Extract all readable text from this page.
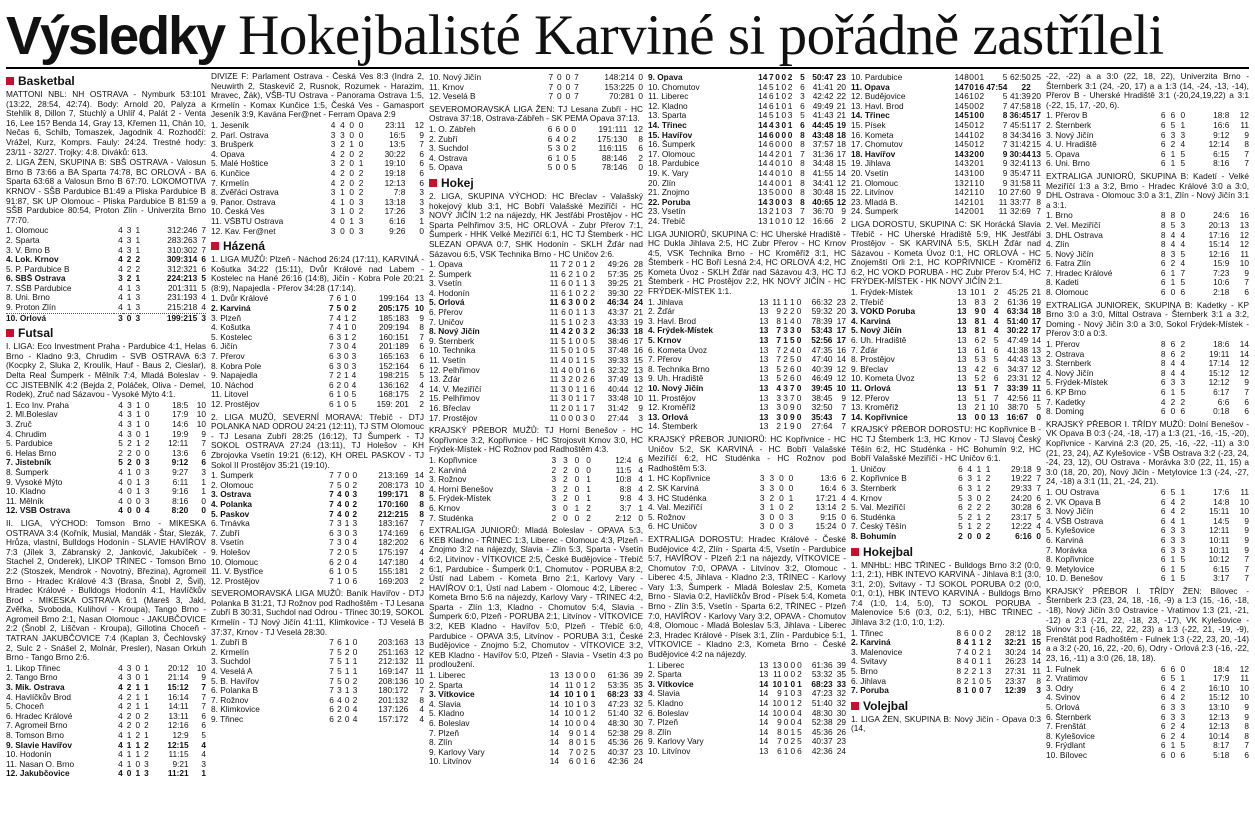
Výsledky Hokejbalisté Karviné si pořádně zastříleli
Basketbal
MATTONI NBL: NH OSTRAVA - Nymburk 53:101 (13:22, 28:54, 42:74). Body: Arnold 20, Palyza a Stehlík 8, Dillon 7, Stuchlý a Uhlíř 4, Palát 2 - Venta 16, Lee 15? Benda 14, Gray 13, Křemen 11, Chán 10, Nečas 6, Schilb, Tomaszek, Jagodnik 4. Rozhodčí: Vrážel, Kurz, Komprs. Fauly: 24:24. Trestné hody: 23/11 - 32/27. Trojky: 4:8. Diváků: 613.
2. LIGA ŽEN, SKUPINA B: SBŠ OSTRAVA - Valosun Brno B 73:66 a BA Sparta 74:78, BC ORLOVÁ - BA Sparta 63:68 a Valosun Brno B 67:70. LOKOMOTIVA KRNOV - SŠB Pardubice B1:49 a Pliska Pardubice B 91:87, SK UP Olomouc - Pliska Pardubice B 81:59 a SŠB Pardubice 80:54, Proton Zlín - Univerzita Brno 77:70.
1. Olomouc	4	3	1	312:246	7
2. Sparta	4	3	1	283:263	7
3. V. Brno B	4	3	1	310:302	7
4. Lok. Krnov	4	2	2	309:314	6
5. P. Pardubice B	4	2	2	312:321	6
6. SBŠ Ostrava	3	2	1	224:213	5
7. SŠB Pardubice	4	1	3	201:311	5
8. Uni. Brno	4	1	3	231:193	4
9. Proton Zlín	4	1	3	215:218	4
10. Orlová	3	0	3	199:215	3
Futsal
I. LIGA: Eco Investment Praha - Pardubice 4:1, Helas Brno - Kladno 9:3, Chrudim - SVB OSTRAVA 6:3 (Kocpky 2, Sluka 2, Kroulík, Hauf - Baus 2, Cieslar), Delta Real Šumperk - Mělník 7:4, Mladá Boleslav - CC JISTEBNÍK 4:2 (Bejda 2, Poláček, Oliva - Demel, Rodek), Zruč nad Sázavou - Vysoké Mýto 4:1.
1. Eco Inv. Praha	4	3	1	0	18:5	10
2. Ml.Boleslav	4	3	1	0	17:9	10
3. Zruč	4	3	1	0	14:6	10
4. Chrudim	4	3	0	1	19:9	9
5. Pardubice	5	2	1	2	12:11	7
6. Helas Brno	2	2	0	0	13:6	6
7. Jistebník	5	2	0	3	9:12	6
8. Šumperk	4	1	0	3	9:27	3
9. Vysoké Mýto	4	0	1	3	6:11	1
10. Kladno	4	0	1	3	9:16	1
11. Mělník	4	0	0	3	8:16	0
12. VSB Ostrava	4	0	0	4	8:20	0
II. LIGA, VÝCHOD: Tomson Brno - MIKESKA OSTRAVA 3:4 (Kořník, Musial, Mandák - Štar, Slezák, Hrůza, vlastní, Bulldogs Hodonín - SLAVIE HAVÍŘOV 7:3 (Jílek 3, Zábranský 2, Janković, Jakubíček - Stachel 2, Onderek), LIKOP TŘINEC - Tomson Brno 2:2 (Stoszek, Mendrok - Novotný, Březina), Agromeil Brno - Hradec Králové 4:3 (Brasa, Šnobl 2, Švil), Hradec Králové - Bulldogs Hodonín 4:1, Havlíčkův Brod - MIKESKA OSTRAVA 6:1 (Mareš 3, Jakl, Zvěřka, Svoboda, Kulihoví - Kroupa), Tango Brno - Agromeil Brno 2:1, Nasan Olomouc - JAKUBČOVICE 2:2 (Šnobl 2, Liščvan - Kroupa), Gillotina Choceň - TATRAN JAKUBČOVICE 7:4 (Kaplan 3, Čechlovský 2, Sulc 2 - Snášel 2, Molnár, Presler), Nasan Orkuh Brno - Tango Brno 2:6.
1. Likop Třinec	4	3	0	1	20:12	10
2. Tango Brno	4	3	0	1	21:14	9
3. Mik. Ostrava	4	2	1	1	15:12	7
4. Havlíčkův Brod	4	2	1	1	16:14	7
5. Choceň	4	2	1	1	14:11	7
6. Hradec Králové	4	2	0	2	13:11	6
7. Agromeil Brno	4	2	0	2	12:16	6
8. Tomson Brno	4	1	2	1	12:9	5
9. Slavie Havířov	4	1	1	2	12:15	4
10. Hodonín	4	1	1	2	11:15	4
11. Nasan O. Brno	4	1	0	3	9:21	3
12. Jakubčovice	4	0	1	3	11:21	1
DIVIZE F: Parlament Ostrava - Česká Ves 8:3 (Indra 2, Neuwirth 2, Staskevič 2, Rusnok, Rozumek - Harazim, Mravec, Žák), VŠB-TU Ostrava - Panorama Ostrava 1:5, Krmelín - Komax Kunčice 1:5, Česká Ves - Gamasport Jeseník 3:9, Kavána Fer@net - Ferram Opava 2:9
1. Jeseník	4	4	0	0	23:11	12
2. Parl. Ostrava	3	3	0	0	16:5	9
3. Brušperk	3	2	1	0	13:5	7
4. Opava	4	2	0	2	30:22	6
5. Malé Hoštice	3	2	0	1	19:10	6
6. Kunčice	4	2	0	2	19:18	6
7. Krmelín	4	2	0	2	12:13	6
8. Zvěřáci Ostrava	3	1	0	2	7:8	3
9. Panor. Ostrava	4	1	0	3	13:18	3
10. Česká Ves	3	1	0	2	17:26	3
11. VŠBTU Ostrava	4	0	1	3	6:16	1
12. Kav. Fer@net	3	0	0	3	9:26	0
Házená
1. LIGA MUŽŮ: Plzeň - Náchod 26:24 (17:11), KARVINÁ - Košutka 34:22 (15:11), Dvůr Králové nad Labem - Kostelec na Hané 26:16 (14:8), Jičín - Kobra Pole 20:21 (8:9), Napajedla - Přerov 34:28 (17:14).
1. Dvůr Králové	7	6	1	0	199:164	13
2. Karviná	7	5	0	2	205:175	10
3. Plzeň	7	4	1	2	185:183	9
4. Košutka	7	4	1	0	209:194	8
5. Kostelec	6	3	1	2	160:151	7
6. Jičín	7	3	0	4	201:189	6
7. Přerov	6	3	0	3	165:163	6
8. Kobra Pole	6	3	0	3	152:164	6
9. Napajedla	7	2	1	4	198:215	5
10. Náchod	6	2	0	4	136:162	4
11. Litovel	6	1	0	5	168:175	2
12. Prostějov	6	1	0	5	159: 201	2
2. LIGA MUŽŮ, SEVERNÍ MORAVA: Třebíč - DTJ POLANKA NAD ODROU 24:21 (12:11), TJ STM Olomouc - TJ Lesana Zubří 28:25 (16:12), TJ Šumperk - TJ SOKOL OSTRAVA 27:24 (13:11), TJ Holešov - KH Zbrojovka Vsetín 19:21 (6:12), KH OREL PASKOV - TJ Sokol II Prostějov 35:21 (19:10).
1. Šumperk	7	7	0	0	213:169	14
2. Olomouc	7	5	0	2	208:173	10
3. Ostrava	7	4	0	3	199:171	8
4. Polanka	7	4	0	2	170:160	8
5. Paskov	7	4	0	2	212:215	8
6. Trnávka	7	3	1	3	183:167	7
7. Zubří	6	3	0	3	174:169	6
8. Vsetín	7	3	0	4	182:202	6
9. Holešov	7	2	0	5	175:197	4
10. Olomouc	6	2	0	4	147:180	4
11. V. Bystřice	6	1	0	5	155:181	2
12. Prostějov	7	1	0	6	169:203	2
SEVEROMORAVSKÁ LIGA MUŽŮ: Baník Havířov - DTJ Polanka B 31:21, TJ Rožnov pod Radhoštěm - TJ Lesana Zubří B 30:31, Suchdol nad Odrou - Třinec 30:19, SOKOL Krmelín - TJ Nový Jičín 41:11, Klimkovice - TJ Veselá B 37:37, Krnov - TJ Veselá 28:30.
1. Zubří B	7	6	1	0	203:163	13
2. Krmelín	7	5	2	0	251:163	12
3. Suchdol	7	5	1	1	212:132	11
4. Veselá A	7	5	1	1	169:147	11
5. B. Havířov	7	5	0	2	208:136	10
6. Polanka B	7	3	1	3	180:172	7
7. Rožnov	6	4	0	2	201:132	8
8. Klimkovice	6	2	0	4	137:126	4
9. Třinec	6	2	0	4	157:172	4
10. Nový Jičín	7	0	0	7	148:214	0
11. Krnov	7	0	0	7	153:225	0
12. Veselá B	7	0	0	7	70:281	0
SEVEROMORAVSKÁ LIGA ŽEN: TJ Lesana Zubří - HC Ostrava 37:18, Ostrava-Zábřeh - SK PEMA Opava 37:13.
1. O. Zábřeh	6	6	0	0	191:111	12
2. Zubří	6	4	0	2	175:130	8
3. Suchdol	5	3	0	2	116:115	6
4. Ostrava	6	1	0	5	88:146	2
5. Opava	5	0	0	5	78:146	0
Hokej
2. LIGA, SKUPINA VÝCHOD: HC Břeclav - Valašský hokejový klub 3:1, HC Bobří Valašské Meziříčí - HC NOVÝ JIČÍN 1:2 na nájezdy, HK Jestřábi Prostějov - HC Sparta Pelhřimov 3:5, HC ORLOVÁ - Zubr Přerov 7:1, Šumperk - HHK Velké Meziříčí 6:1, HC TJ Štemberk - HC SLEZAN OPAVA 0:7, SHK Hodonín - SKLH Žďár nad Sázavou 6:5, VSK Technika Brno - HC Uničov 2:6.
1. Opava	11	7	2	0	1	2	49:26	28
2. Šumperk	11	6	2	1	0	2	57:35	25
3. Vsetín	11	6	0	1	1	3	39:25	21
4. Hodonín	11	6	1	0	2	2	39:30	22
5. Orlová	11	6	3	0	0	2	46:34	24
6. Přerov	11	6	0	1	1	3	43:37	21
7. Uničov	11	5	1	0	2	3	43:33	19
8. Nový Jičín	11	4	2	0	3	2	36:33	18
9. Šternberk	11	5	1	0	0	5	38:46	17
10. Technika	11	5	0	1	0	5	37:48	16
11. Vsetín	11	4	0	1	1	5	39:33	15
12. Pelhřimov	11	4	0	0	1	6	32:32	13
13. Žďár	11	3	2	0	2	6	37:49	13
14. V. Meziříčí	11	3	0	1	1	6	40:44	12
15. Pelhřimov	11	3	0	1	1	7	33:48	10
16. Břeclav	11	2	0	1	1	7	31:42	9
17. Prostějov	11	0	0	0	3	0	27:44	3
KRAJSKÝ PŘEBOR MUŽŮ: TJ Horní Benešov - HC Kopřivnice 3:2, Kopřivnice - HC Strojosvit Krnov 3:0, HC Frýdek-Místek - HC Rožnov pod Radhoštěm 4:3.
1. Kopřivnice	3	3	0	0	12:4	6
2. Karviná	2	2	0	0	11:5	4
3. Rožnov	3	2	0	1	10:8	4
4. Horní Benešov	3	2	0	1	8:8	4
5. Frýdek-Místek	3	2	0	1	9:8	4
6. Krnov	3	0	1	2	3:7	1
7. Studénka	2	0	0	2	2:12	0
EXTRALIGA JUNIORŮ: Mladá Boleslav - OPAVA 5:3, KEB Kladno - TŘINEC 1:3, Liberec - Olomouc 4:3, Plzeň - Znojmo 3:2 na nájezdy, Slavia - Zlín 5:3, Sparta - Vsetín 6:2, Litvínov - VÍTKOVICE 2:5, České Budějovice - Třebíč 6:1, Pardubice - Šumperk 0:1, Chomutov - PORUBA 8:2, Ústí nad Labem - Kometa Brno 2:1, Karlovy Vary - HAVÍŘOV 0:1, Ústí nad Labem - Olomouc 4:2, Liberec - Kometa Brno 5:6 na nájezdy, Karlovy Vary - TŘINEC 4:2, Sparta - Zlín 1:3, Kladno - Chomutov 5:4, Slavia - Šumperk 6:0, Plzeň - PORUBA 2:1, Litvínov - VÍTKOVICE 3:2, KEB Kladno - Havířov 5:0, Plzeň - Třebíč 6:0, Pardubice - OPAVA 3:5, Litvínov - PORUBA 3:1, České Budějovice - Znojmo 5:2, Chomutov - VÍTKOVICE 3:2, KEB Kladno - Havířov 5:0, Plzeň - Slavia - Vsetín 4:3 po prodloužení.
1. Liberec	13	13	0	0	0	61:36	39
2. Sparta	14	11	0	1	2	53:35	35
3. Vítkovice	14	10	1	0	1	68:23	33
4. Slavia	14	10	1	0	3	47:23	32
5. Kladno	14	10	0	1	2	51:40	32
6. Boleslav	14	10	0	0	4	48:30	30
7. Plzeň	14	9	0	1	4	52:38	29
8. Zlín	14	8	0	1	5	45:36	26
9. Karlovy Vary	14	7	0	2	5	40:37	23
10. Litvínov	14	6	0	1	6	42:36	24
9. Opava	14	7	0	0	2	5	50:47	23
10. Chomutov	14	5	1	0	2	6	41:41	20
11. Liberec	14	6	1	0	2	3	42:42	22
12. Kladno	14	6	1	0	1	6	49:49	21
13. Sparta	14	5	1	0	3	5	41:43	21
14. Třinec	14	4	3	0	1	6	44:45	19
15. Havířov	14	6	0	0	0	8	43:48	18
16. Šumperk	14	6	0	0	0	8	37:57	18
17. Olomouc	14	4	2	0	1	7	31:36	17
18. Pardubice	14	4	0	1	0	8	34:48	15
19. K. Vary	14	4	0	1	0	8	41:55	14
20. Zlín	14	4	0	0	1	8	34:41	12
21. Znojmo	13	5	0	0	0	8	30:48	15
22. Poruba	14	3	0	0	3	8	40:65	12
23. Vsetín	13	2	1	0	3	7	36:70	9
24. Třebíč	13	1	0	1	0	12	16:66	2
LIGA JUNIORŮ, SKUPINA C: HC Uherské Hradiště - HC Dukla Jihlava 2:5, HC Zubr Přerov - HC Krnov 4:5, VSK Technika Brno - HC Kroměříž 3:1, HC Štemberk - HC Boří Lesná 2:4, HC ORLOVÁ 4:2, HC Kometa Úvoz - SKLH Žďár nad Sázavou 4:3, HC TJ Štemberk - HC Prostějov 2:2, HK NOVÝ JIČÍN - HC FRÝDEK-MÍSTEK 1:1.
1. Jihlava	13	11	1	1	0	66:32	23
2. Žďár	13	9	2	2	0	59:32	20
3. Havl. Brod	13	8	1	4	0	78:39	17
4. Frýdek-Místek	13	7	3	3	0	53:43	17
5. Krnov	13	7	1	5	0	52:56	17
6. Kometa Úvoz	13	7	2	4	0	47:35	16
7. Přerov	13	7	2	5	0	47:40	14
8. Technika Brno	13	5	2	6	0	40:39	12
9. Uh. Hradiště	13	5	2	6	0	46:49	12
10. Nový Jičín	13	4	3	7	0	39:45	10
11. Prostějov	13	3	3	7	0	38:45	9
12. Kroměříž	13	3	0	9	0	32:50	7
13. Orlová	13	3	0	9	0	35:43	7
14. Štemberk	13	2	1	9	0	27:64	7
KRAJSKÝ PŘEBOR JUNIORŮ: HC Kopřivnice - HC Uničov 5:2, SK KARVINÁ - HC Bobří Valašské Meziříčí 6:2, HC Studénka - HC Rožnov pod Radhoštěm 5:3.
1. HC Kopřivnice	3	3	0	0	13:6	6
2. SK Karviná	3	3	0	0	16:4	6
3. HC Studénka	3	2	0	1	17:21	4
4. Val. Meziříčí	3	1	0	2	13:14	2
5. Rožnov	3	0	0	3	9:15	0
6. HC Uničov	3	0	0	3	15:24	0
EXTRALIGA DOROSTU: Hradec Králové - České Budějovice 4:2, Zlín - Sparta 4:5, Vsetín - Pardubice 5:7, HAVÍŘOV - Plzeň 2:1 na nájezdy, VÍTKOVICE - Chomutov 7:0, OPAVA - Litvínov 3:2, Olomouc - Liberec 4:5, Jihlava - Kladno 2:3, TŘINEC - Karlovy Vary 1:3, Šumperk - Mladá Boleslav 2:5, Kometa Brno - Slavia 0:2, Havlíčkův Brod - Písek 5:4, Kometa Brno - Zlín 3:5, Vsetín - Sparta 6:2, TŘINEC - Plzeň 7:0, HAVÍŘOV - Karlovy Vary 3:2, OPAVA - Chomutov 4:8, Olomouc - Mladá Boleslav 5:3, Jihlava - Liberec 2:3, Hradec Králové - Písek 3:1, Zlín - Pardubice 5:1, VÍTKOVICE - Kladno 2:3, Kometa Brno - České Budějovice 4:2 na nájezdy.
1. Liberec	13	13	0	0	0	61:36	39
2. Sparta	13	11	0	0	2	53:32	35
3. Vítkovice	14	10	1	0	1	68:23	33
4. Slavia	14	9	1	0	3	47:23	32
5. Kladno	14	10	0	1	2	51:40	32
6. Boleslav	14	10	0	0	4	48:30	30
7. Plzeň	14	9	0	0	4	52:38	29
8. Zlín	14	8	0	1	5	45:36	26
9. Karlovy Vary	14	7	0	2	5	40:37	23
10. Litvínov	13	6	1	0	6	42:36	24
10. Pardubice	14	8	0	0	1	5	62:50	25
11. Opava	14	7	0	1	6	47:54	22	
12. Budějovice	14	6	1	0	2	5	41:39	20
13. Havl. Brod	14	5	0	0	2	7	47:58	18
14. Třinec	14	5	1	0	0	8	36:45	17
15. Písek	14	5	0	1	2	7	45:51	17
16. Kometa	14	4	1	0	2	8	34:34	16
17. Chomutov	14	5	0	1	2	7	31:42	15
18. Havířov	14	3	2	0	0	9	30:44	13
19. Jihlava	14	3	2	0	1	9	32:41	13
20. Vsetín	14	3	1	0	0	9	35:47	11
21. Olomouc	13	2	1	1	0	9	31:58	11
22. Litvínov	14	2	1	1	0	10	27:60	9
23. Mladá B.	14	2	1	0	1	11	33:77	8
24. Šumperk	14	2	0	0	1	11	32:69	7
LIGA DOROSTU, SKUPINA C: SK Horácká Slavia Třebíč - HC Uherské Hradiště 5:9, HK Jestřábi Prostějov - SK KARVINÁ 5:5, SKLH Žďár nad Sázavou - Kometa Úvoz 0:1, HC ORLOVÁ - HC Znojemští Orli 2:1, HC KOPŘIVNICE - Kroměříž 6:2, HC VOKD PORUBA - HC Zubr Přerov 5:4, HC FRÝDEK-MÍSTEK - HK NOVÝ JIČÍN 2:1.
1. Frýdek-Místek	13	10	1	2	45:25	21
2. Třebíč	13	8	3	2	61:36	19
3. VOKD Poruba	13	9	0	4	63:34	18
4. Karviná	13	8	1	4	51:40	17
5. Nový Jičín	13	8	1	4	30:22	17
6. Uh. Hradiště	13	6	2	5	47:49	14
7. Žďár	13	6	1	6	41:38	13
8. Prostějov	13	5	3	5	44:43	13
9. Břeclav	13	4	2	6	34:37	12
10. Kometa Úvoz	13	5	2	6	23:31	12
11. Orlová	13	5	1	7	33:39	11
12. Přerov	13	5	1	7	42:56	11
13. Kroměříž	13	2	1	10	38:70	5
14. Kopřivnice	13	0	0	13	16:67	0
KRAJSKÝ PŘEBOR DOROSTU: HC Kopřivnice B - HC TJ Štemberk 1:3, HC Krnov - TJ Slavoj Český Těšín 6:2, HC Studénka - HC Bohumín 9:2, HC Bobří Valašské Meziříčí - HC Uničov 6:1.
1. Uničov	6	4	1	1	29:18	9
2. Kopřivnice B	6	3	1	2	19:22	7
3. Šternberk	6	3	1	2	29:33	7
4. Krnov	5	3	0	2	24:20	6
5. Val. Meziříčí	6	2	2	2	30:28	6
6. Studénka	5	2	1	2	23:17	5
7. Český Těšín	5	1	2	2	12:22	4
8. Bohumín	2	0	0	2	6:16	0
Hokejbal
1. MNHbL: HBC TŘINEC - Bulldogs Brno 3:2 (0:0, 1:1, 2:1), HBK INTEVO KARVINÁ - Jihlava 8:1 (3:0, 3:1, 2:0), Svitavy - TJ SOKOL PORUBA 0:2 (0:0, 0:1, 0:1), HBK INTEVO KARVINÁ - Bulldogs Brno 7:4 (1:0, 1:4, 5:0), TJ SOKOL PORUBA - Malenovice 5:6 (0:3, 0:2, 5:1), HBC TŘINEC - Jihlava 3:2 (1:0, 1:0, 1:2).
1. Třinec	8	6	0	0	2	28:12	18
2. Karviná	8	4	1	1	2	32:21	15
3. Malenovice	7	4	0	2	1	30:24	14
4. Svitavy	8	4	0	1	1	26:23	14
5. Brno	8	2	2	1	3	27:31	11
6. Jihlava	8	2	1	0	5	23:37	8
7. Poruba	8	1	0	0	7	12:39	3
Volejbal
1. LIGA ŽEN, SKUPINA B: Nový Jičín - Opava 0:3 (14,
-22, -22) a a 3:0 (22, 18, 22), Univerzita Brno - Šternberk 3:1 (24, -20, 17) a a 1:3 (14, -24, -13, -14), Přerov B - Uherské Hradiště 3:1 (-20,24,19,22) a 3:1 (-22, 15, 17, -20, 6).
1. Přerov B	6	6	0	18:8	12
2. Šternberk	6	5	1	16:6	11
3. Nový Jičín	6	3	3	9:12	9
4. U. Hradiště	6	2	4	12:14	8
5. Opava	6	1	5	6:15	7
6. Uni. Brno	6	1	5	8:16	7
EXTRALIGA JUNIORŮ, SKUPINA B: Kadetí - Velké Meziříčí 1:3 a 3:2, Brno - Hradec Králové 3:0 a 3:0, DHL Ostrava - Olomouc 3:0 a 3:1, Zlín - Nový Jičín 3:1 a 3:1.
1. Brno	8	8	0	24:6	16
2. Vel. Meziříčí	8	5	3	20:13	13
3. DHL Ostrava	8	4	4	17:16	12
4. Zlín	8	4	4	15:14	12
5. Nový Jičín	8	3	5	12:16	11
6. Fatra Zlín	6	2	4	15:9	10
7. Hradec Králové	6	1	7	7:23	9
8. Kadeti	6	1	5	10:6	7
8. Olomouc	6	0	6	2:18	6
EXTRALIGA JUNIOREK, SKUPINA B: Kadetky - KP Brno 3:0 a 3:0, Mittal Ostrava - Šternberk 3:1 a 3:2, Doming - Nový Jičín 3:0 a 3:0, Sokol Frýdek-Místek - Přerov 3:0 a 0:3.
1. Přerov	8	6	2	18:6	14
2. Ostrava	8	6	2	19:11	14
3. Šternberk	8	4	4	17:14	12
4. Nový Jičín	8	4	4	15:12	12
5. Frýdek-Místek	6	3	3	12:12	9
6. KP Brno	6	1	5	6:17	7
7. Kadetky	4	2	2	6:6	6
8. Doming	6	0	6	0:18	6
KRAJSKÝ PŘEBOR I. TŘÍDY MUŽŮ: Dolní Benešov - VK Opava B 0:3 (-24, -18, -17) a 1:3 (21, -16, -15, -20), Kopřivnice - Karviná 2:3 (20, 25, -16, -22, -11) a 3:0 (21, 23, 24), AZ Kylešovice - VŠB Ostrava 3:2 (-23, 24, -24, 23, 12), OU Ostrava - Morávka 3:0 (22, 11, 15) a 3:0 (18, 20, 20), Nový Jičín - Metylovice 1:3 (-24, -27, 24, -18) a 3:1 (11, 21, -24, 21).
1. OU Ostrava	6	5	1	17:6	11
2. VK Opava B	6	4	2	14:8	10
3. Nový Jičín	6	4	2	15:11	10
4. VŠB Ostrava	6	4	1	14:5	9
5. Kylešovice	6	3	3	12:11	9
6. Karviná	6	3	3	10:11	9
7. Morávka	6	3	3	10:11	9
8. Kopřivnice	6	1	5	10:12	7
9. Metylovice	6	1	5	6:15	7
10. D. Benešov	6	1	5	3:17	7
KRAJSKÝ PŘEBOR I. TŘÍDY ŽEN: Bílovec - Šternberk 2:3 (23, 24, 18, -16, -9) a 1:3 (15, -16, -18, -18), Nový Jičín 3:0 Ostravice - Vratimov 1:3 (21, -21, -12) a 2:3 (-21, 22, -18, 23, -17), VK Kylešovice - Svinov 3:1 (-16, 22, 22, 23) a 1:3 (-22, 21, -19, -9), Frenštát pod Radhoštěm - Fulnek 1:3 (-22, 23, 20, -14) a a 3:2 (-20, 16, 22, -20, 6), Odry - Orlová 2:3 (-16, -22, 23, 16, -11) a 3:0 (26, 18, 18).
1. Fulnek	6	6	0	18:4	12
2. Vratimov	6	5	1	17:9	11
3. Odry	6	4	2	16:10	10
4. Svinov	6	4	2	15:12	10
5. Orlová	6	3	3	13:10	9
6. Šternberk	6	3	3	12:13	9
7. Frenštát	6	2	4	12:13	8
8. Kylešovice	6	2	4	10:14	8
9. Frýdlant	6	1	5	8:17	7
10. Bílovec	6	0	6	5:18	6
